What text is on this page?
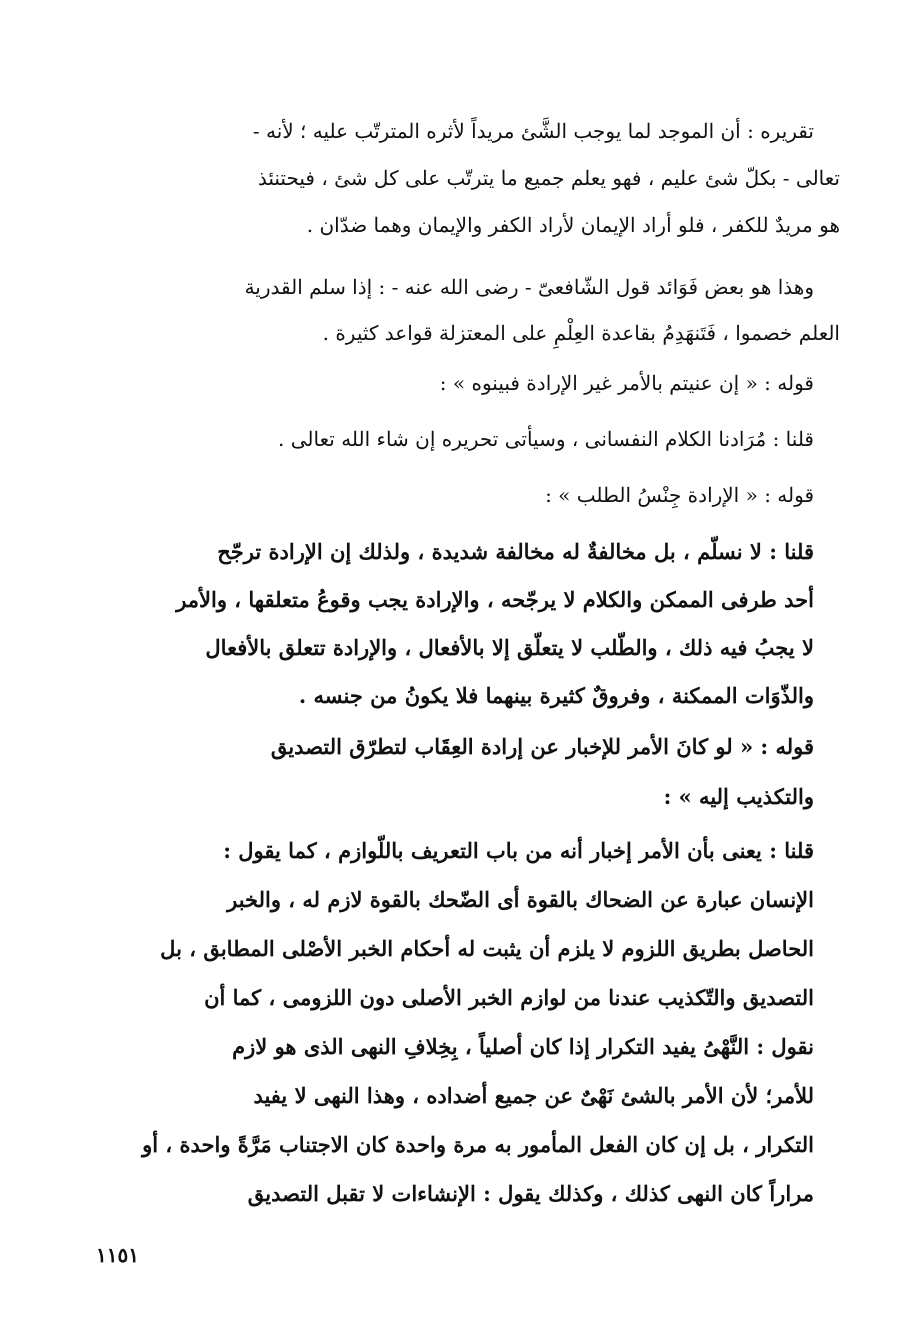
تقريره : أن الموجد لما يوجب الشَّئ مريداً لأثره المترتّب عليه ؛ لأنه -
تعالى - بكلّ شئ عليم ، فهو يعلم جميع ما يترتّب على كل شئ ، فيحتنئذ
هو مريدٌ للكفر ، فلو أراد الإيمان لأراد الكفر والإيمان وهما ضدّان .
وهذا هو بعض فَوَائد قول الشّافعىّ - رضى الله عنه - : إذا سلم القدرية
العلم خصموا ، فَتَنهَدِمُ بقاعدة العِلْمِ على المعتزلة قواعد كثيرة .
قوله : « إن عنيتم بالأمر غير الإرادة فبينوه » :
قلنا : مُرَادنا الكلام النفسانى ، وسيأتى تحريره إن شاء الله تعالى .
قوله : « الإرادة جِنْسُ الطلب » :
قلنا : لا نسلّم ، بل مخالفةٌ له مخالفة شديدة ، ولذلك إن الإرادة ترجّح
أحد طرفى الممكن والكلام لا يرجّحه ، والإرادة يجب وقوعُ متعلقها ، والأمر
لا يجبُ فيه ذلك ، والطّلب لا يتعلّق إلا بالأفعال ، والإرادة تتعلق بالأفعال
والذّوَات الممكنة ، وفروقٌ كثيرة بينهما فلا يكونُ من جنسه .
قوله : « لو كانَ الأمر للإخبار عن إرادة العِقَاب لتطرّق التصديق
والتكذيب إليه » :
قلنا : يعنى بأن الأمر إخبار أنه من باب التعريف باللّوازم ، كما يقول :
الإنسان عبارة عن الضحاك بالقوة أى الضّحك بالقوة لازم له ، والخبر
الحاصل بطريق اللزوم لا يلزم أن يثبت له أحكام الخبر الأصْلى المطابق ، بل
التصديق والتّكذيب عندنا من لوازم الخبر الأصلى دون اللزومى ، كما أن
نقول : النَّهْىُ يفيد التكرار إذا كان أصلياً ، بِخِلافِ النهى الذى هو لازم
للأمر؛ لأن الأمر بالشئ نَهْىٌ عن جميع أضداده ، وهذا النهى لا يفيد
التكرار ، بل إن كان الفعل المأمور به مرة واحدة كان الاجتناب مَرَّةً واحدة ، أو
مراراً كان النهى كذلك ، وكذلك يقول : الإنشاءات لا تقبل التصديق
١١٥١
